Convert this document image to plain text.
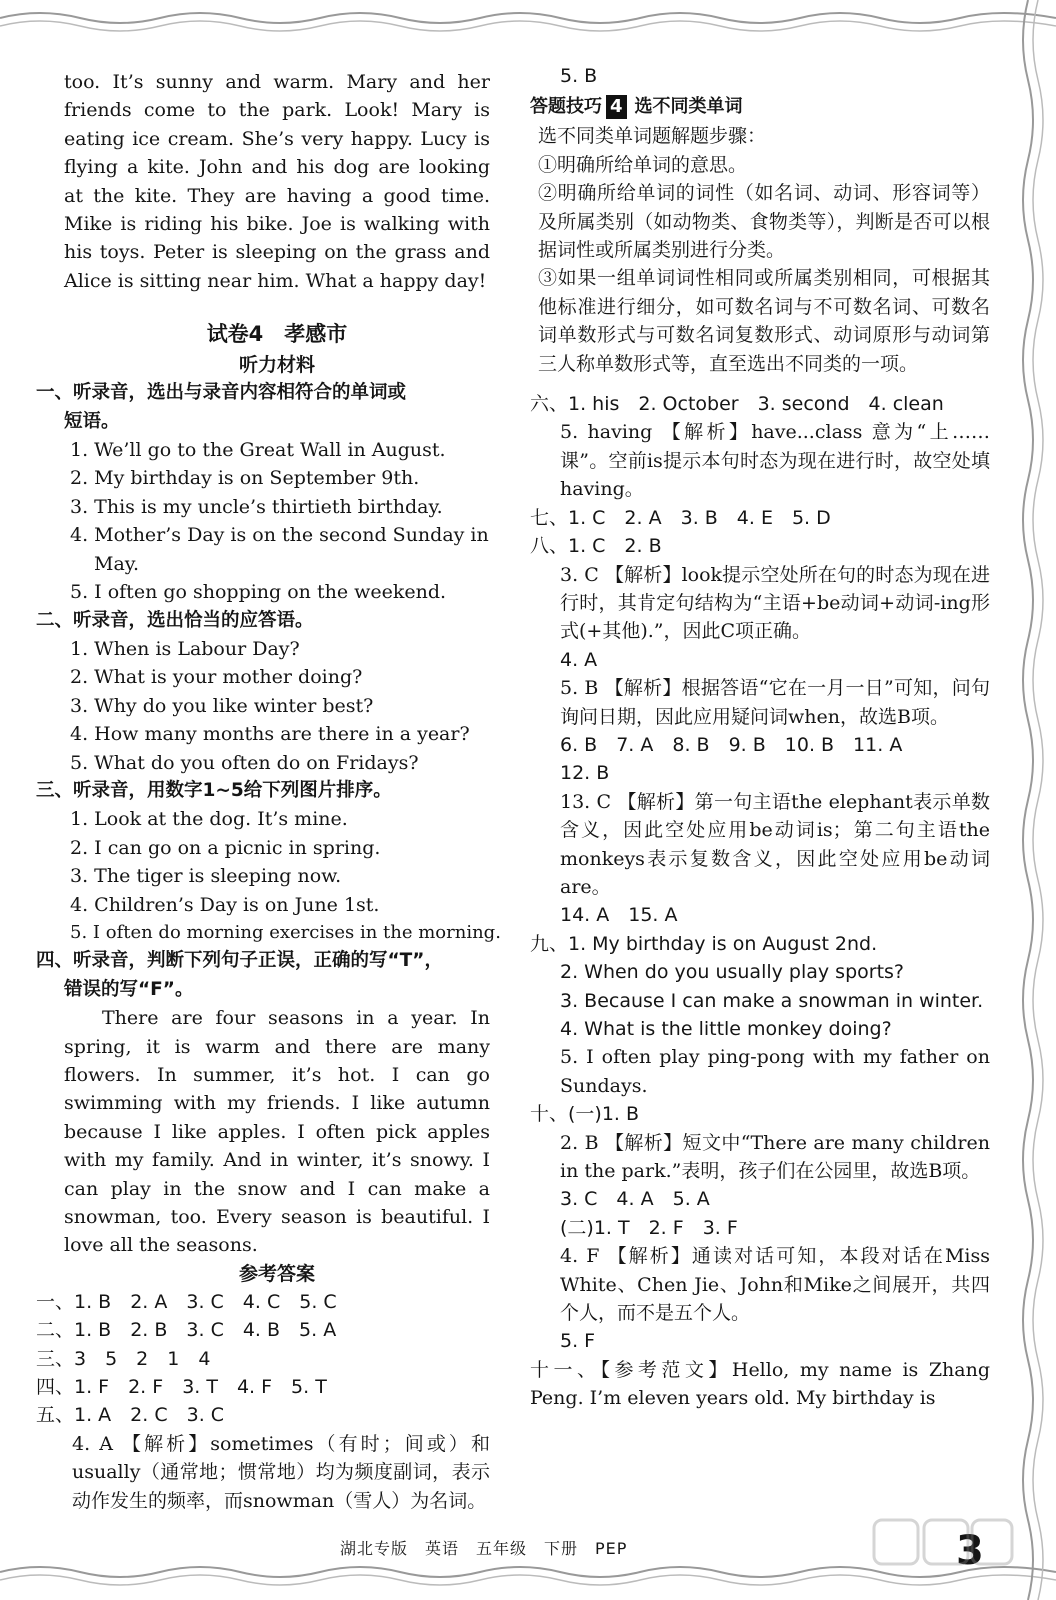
too. It’s sunny and warm. Mary and her friends come to the park. Look! Mary is eating ice cream. She’s very happy. Lucy is flying a kite. John and his dog are looking at the kite. They are having a good time. Mike is riding his bike. Joe is walking with his toys. Peter is sleeping on the grass and Alice is sitting near him. What a happy day!

试卷4　孝感市
听力材料
一、听录音，选出与录音内容相符合的单词或
短语。
1. We’ll go to the Great Wall in August.
2. My birthday is on September 9th.
3. This is my uncle’s thirtieth birthday.
4. Mother’s Day is on the second Sunday in May.
5. I often go shopping on the weekend.
二、听录音，选出恰当的应答语。
1. When is Labour Day?
2. What is your mother doing?
3. Why do you like winter best?
4. How many months are there in a year?
5. What do you often do on Fridays?
三、听录音，用数字1~5给下列图片排序。
1. Look at the dog. It’s mine.
2. I can go on a picnic in spring.
3. The tiger is sleeping now.
4. Children’s Day is on June 1st.
5. I often do morning exercises in the morning.
四、听录音，判断下列句子正误，正确的写“T”，
错误的写“F”。

There are four seasons in a year. In spring, it is warm and there are many flowers. In summer, it’s hot. I can go swimming with my friends. I like autumn because I like apples. I often pick apples with my family. And in winter, it’s snowy. I can play in the snow and I can make a snowman, too. Every season is beautiful. I love all the seasons.

参考答案
一、1. B　2. A　3. C　4. C　5. C
二、1. B　2. B　3. C　4. B　5. A
三、3　5　2　1　4
四、1. F　2. F　3. T　4. F　5. T
五、1. A　2. C　3. C

4. A 【解析】sometimes（有时；间或）和usually（通常地；惯常地）均为频度副词，表示动作发生的频率，而snowman（雪人）为名词。

5. B
答题技巧 4 选不同类单词

选不同类单词题解题步骤：

①明确所给单词的意思。

②明确所给单词的词性（如名词、动词、形容词等）及所属类别（如动物类、食物类等），判断是否可以根据词性或所属类别进行分类。

③如果一组单词词性相同或所属类别相同，可根据其他标准进行细分，如可数名词与不可数名词、可数名词单数形式与可数名词复数形式、动词原形与动词第三人称单数形式等，直至选出不同类的一项。

六、1. his　2. October　3. second　4. clean

5. having 【解析】have...class 意为“上……课”。空前is提示本句时态为现在进行时，故空处填having。

七、1. C　2. A　3. B　4. E　5. D
八、1. C　2. B

3. C 【解析】look提示空处所在句的时态为现在进行时，其肯定句结构为“主语+be动词+动词-ing形式(+其他).”，因此C项正确。

4. A

5. B 【解析】根据答语“它在一月一日”可知，问句询问日期，因此应用疑问词when，故选B项。

6. B　7. A　8. B　9. B　10. B　11. A
12. B

13. C 【解析】第一句主语the elephant表示单数含义，因此空处应用be动词is；第二句主语the monkeys表示复数含义，因此空处应用be动词are。

14. A　15. A
九、1. My birthday is on August 2nd.
2. When do you usually play sports?
3. Because I can make a snowman in winter.
4. What is the little monkey doing?

5. I often play ping-pong with my father on Sundays.

十、(一)1. B

2. B 【解析】短文中“There are many children in the park.”表明，孩子们在公园里，故选B项。

3. C　4. A　5. A
(二)1. T　2. F　3. F

4. F 【解析】通读对话可知，本段对话在Miss White、Chen Jie、John和Mike之间展开，共四个人，而不是五个人。

5. F

十一、【参考范文】Hello, my name is Zhang Peng. I’m eleven years old. My birthday is

湖北专版　英语　五年级　下册　PEP	3
